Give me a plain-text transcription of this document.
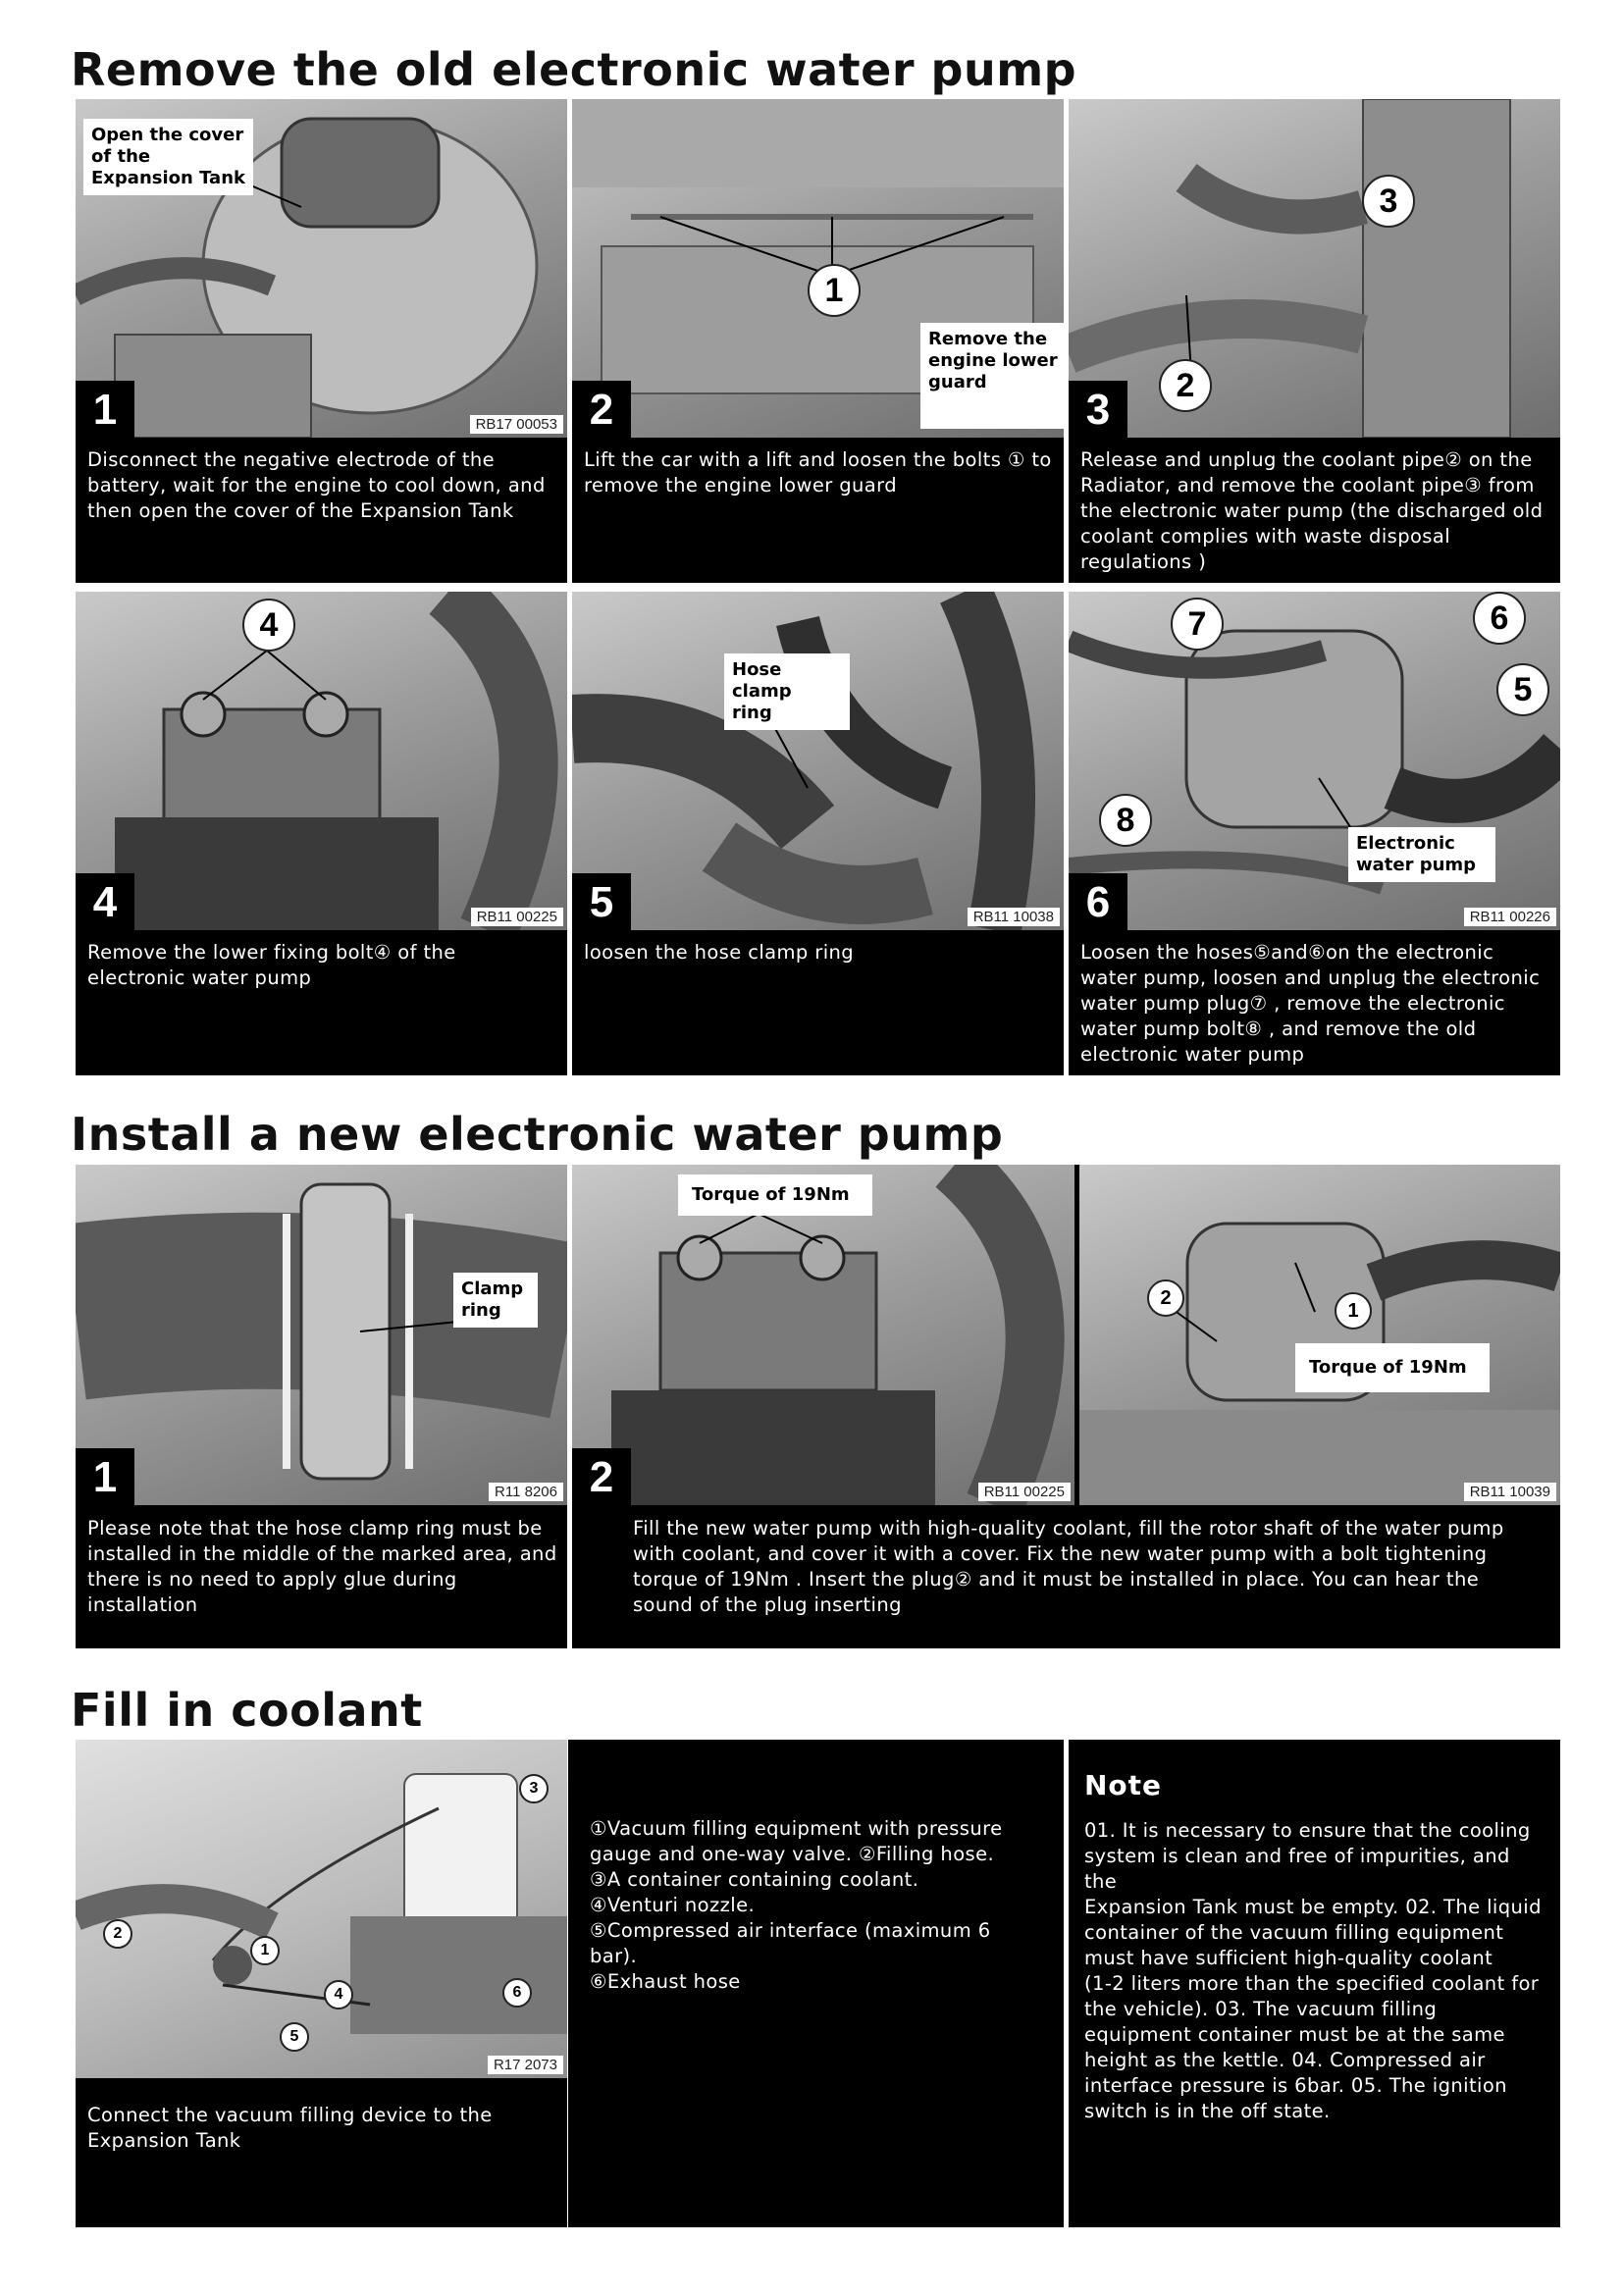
Remove the old electronic water pump
Open the cover
of the
Expansion Tank
1	RB17 00053
Disconnect the negative electrode of the battery, wait for the engine to cool down, and then open the cover of the Expansion Tank
1
Remove the
engine lower
guard
2
Lift the car with a lift and loosen the bolts ① to remove the engine lower guard
3
2
3
Release and unplug the coolant pipe② on the Radiator, and remove the coolant pipe③ from the electronic water pump (the discharged old coolant complies with waste disposal regulations )
4
4	RB11 00225
Remove the lower fixing bolt④ of the electronic water pump
Hose clamp
ring
5	RB11 10038
loosen the hose clamp ring
7	6
5
8
Electronic
water pump
6	RB11 00226
Loosen the hoses⑤and⑥on the electronic water pump, loosen and unplug the electronic water pump plug⑦ , remove the electronic water pump bolt⑧ , and remove the old electronic water pump
Install a new electronic water pump
Clamp
ring
1	R11 8206
Please note that the hose clamp ring must be installed in the middle of the marked area, and there is no need to apply glue during installation
Torque of 19Nm
2	RB11 00225
2
1
Torque of 19Nm
RB11 10039
Fill the new water pump with high-quality coolant, fill the rotor shaft of the water pump with coolant, and cover it with a cover. Fix the new water pump with a bolt tightening torque of 19Nm . Insert the plug② and it must be installed in place. You can hear the sound of the plug inserting
Fill in coolant
3
2
1
4	6
5
R17 2073
Connect the vacuum filling device to the Expansion Tank
①Vacuum filling equipment with pressure gauge and one-way valve. ②Filling hose.
③A container containing coolant.
④Venturi nozzle.
⑤Compressed air interface (maximum 6 bar).
⑥Exhaust hose
Note
01. It is necessary to ensure that the cooling system is clean and free of impurities, and the
Expansion Tank must be empty. 02. The liquid container of the vacuum filling equipment must have sufficient high-quality coolant
(1-2 liters more than the specified coolant for the vehicle). 03. The vacuum filling equipment container must be at the same height as the kettle. 04. Compressed air interface pressure is 6bar. 05. The ignition switch is in the off state.
